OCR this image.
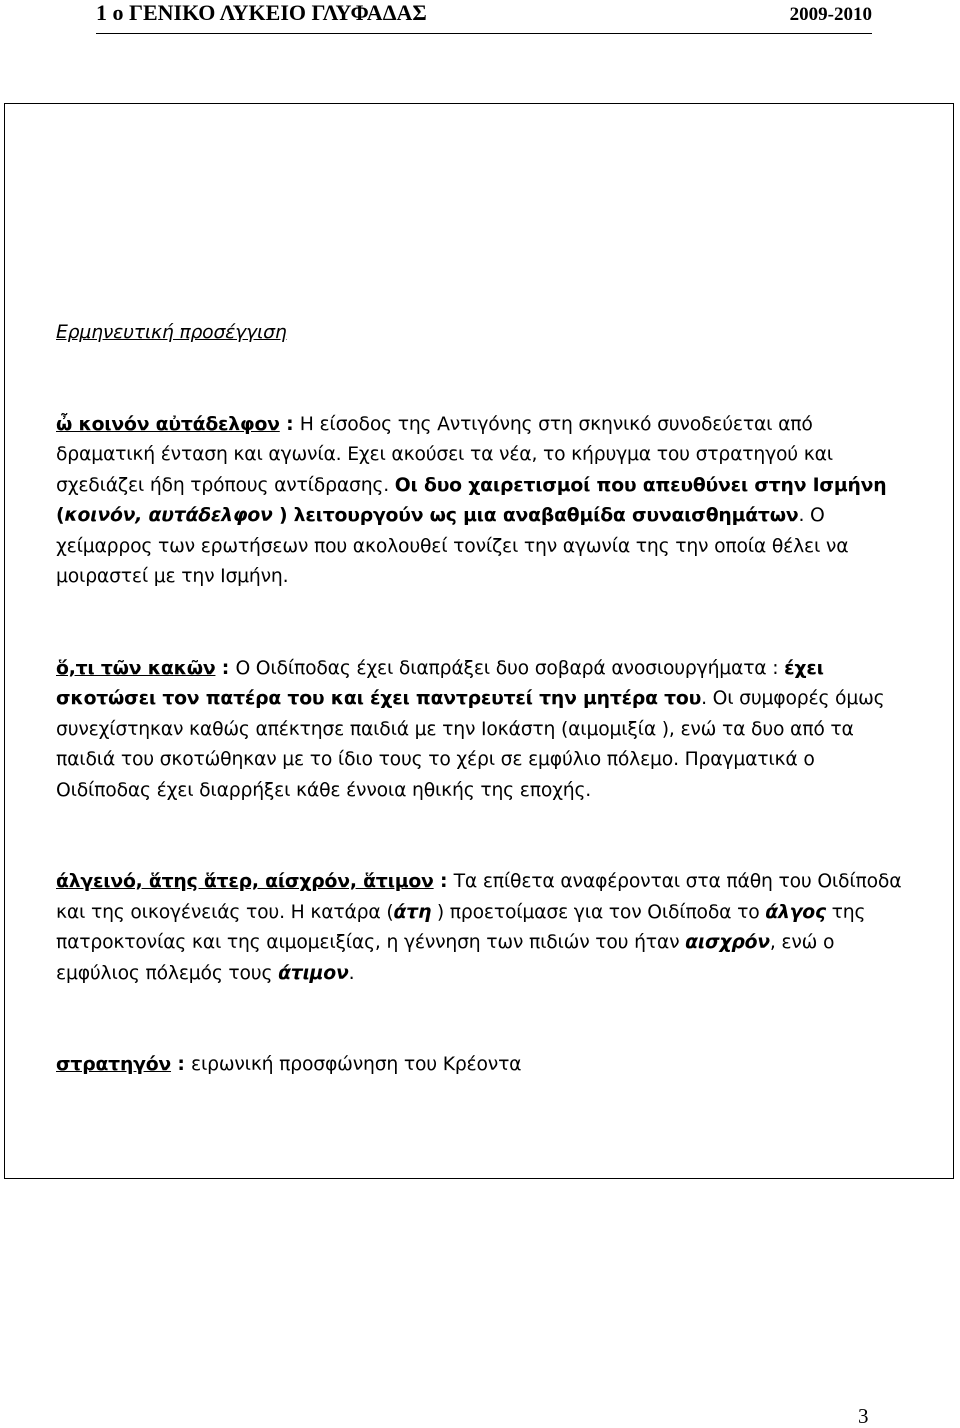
1 ο ΓΕΝΙΚΟ ΛΥΚΕΙΟ ΓΛΥΦΑΔΑΣ	2009-2010

Ερμηνευτική προσέγγιση

ὦ κοινόν αὐτάδελφον : Η είσοδος της Αντιγόνης στη σκηνικό συνοδεύεται από δραματική ένταση και αγωνία. Εχει ακούσει τα νέα, το κήρυγμα του στρατηγού και σχεδιάζει ήδη τρόπους αντίδρασης. Οι δυο χαιρετισμοί που απευθύνει στην Ισμήνη (κοινόν, αυτάδελφον ) λειτουργούν ως μια αναβαθμίδα συναισθημάτων. Ο χείμαρρος των ερωτήσεων που ακολουθεί τονίζει την αγωνία της την οποία θέλει να μοιραστεί με την Ισμήνη.

ὅ,τι τῶν κακῶν : Ο Οιδίποδας έχει διαπράξει δυο σοβαρά ανοσιουργήματα : έχει σκοτώσει τον πατέρα του και έχει παντρευτεί την μητέρα του. Οι συμφορές όμως συνεχίστηκαν καθώς απέκτησε παιδιά με την Ιοκάστη (αιμομιξία ), ενώ τα δυο από τα παιδιά του σκοτώθηκαν με το ίδιο τους το χέρι σε εμφύλιο πόλεμο. Πραγματικά ο Οιδίποδας έχει διαρρήξει κάθε έννοια ηθικής της εποχής.

άλγεινό, ἅτης ἅτερ, αίσχρόν, ἅτιμον : Τα επίθετα αναφέρονται στα πάθη του Οιδίποδα και της οικογένειάς του. Η κατάρα (άτη ) προετοίμασε για τον Οιδίποδα το άλγος της πατροκτονίας και της αιμομειξίας, η γέννηση των πιδιών του ήταν αισχρόν, ενώ ο εμφύλιος πόλεμός τους άτιμον.

στρατηγόν : ειρωνική προσφώνηση του Κρέοντα

3
